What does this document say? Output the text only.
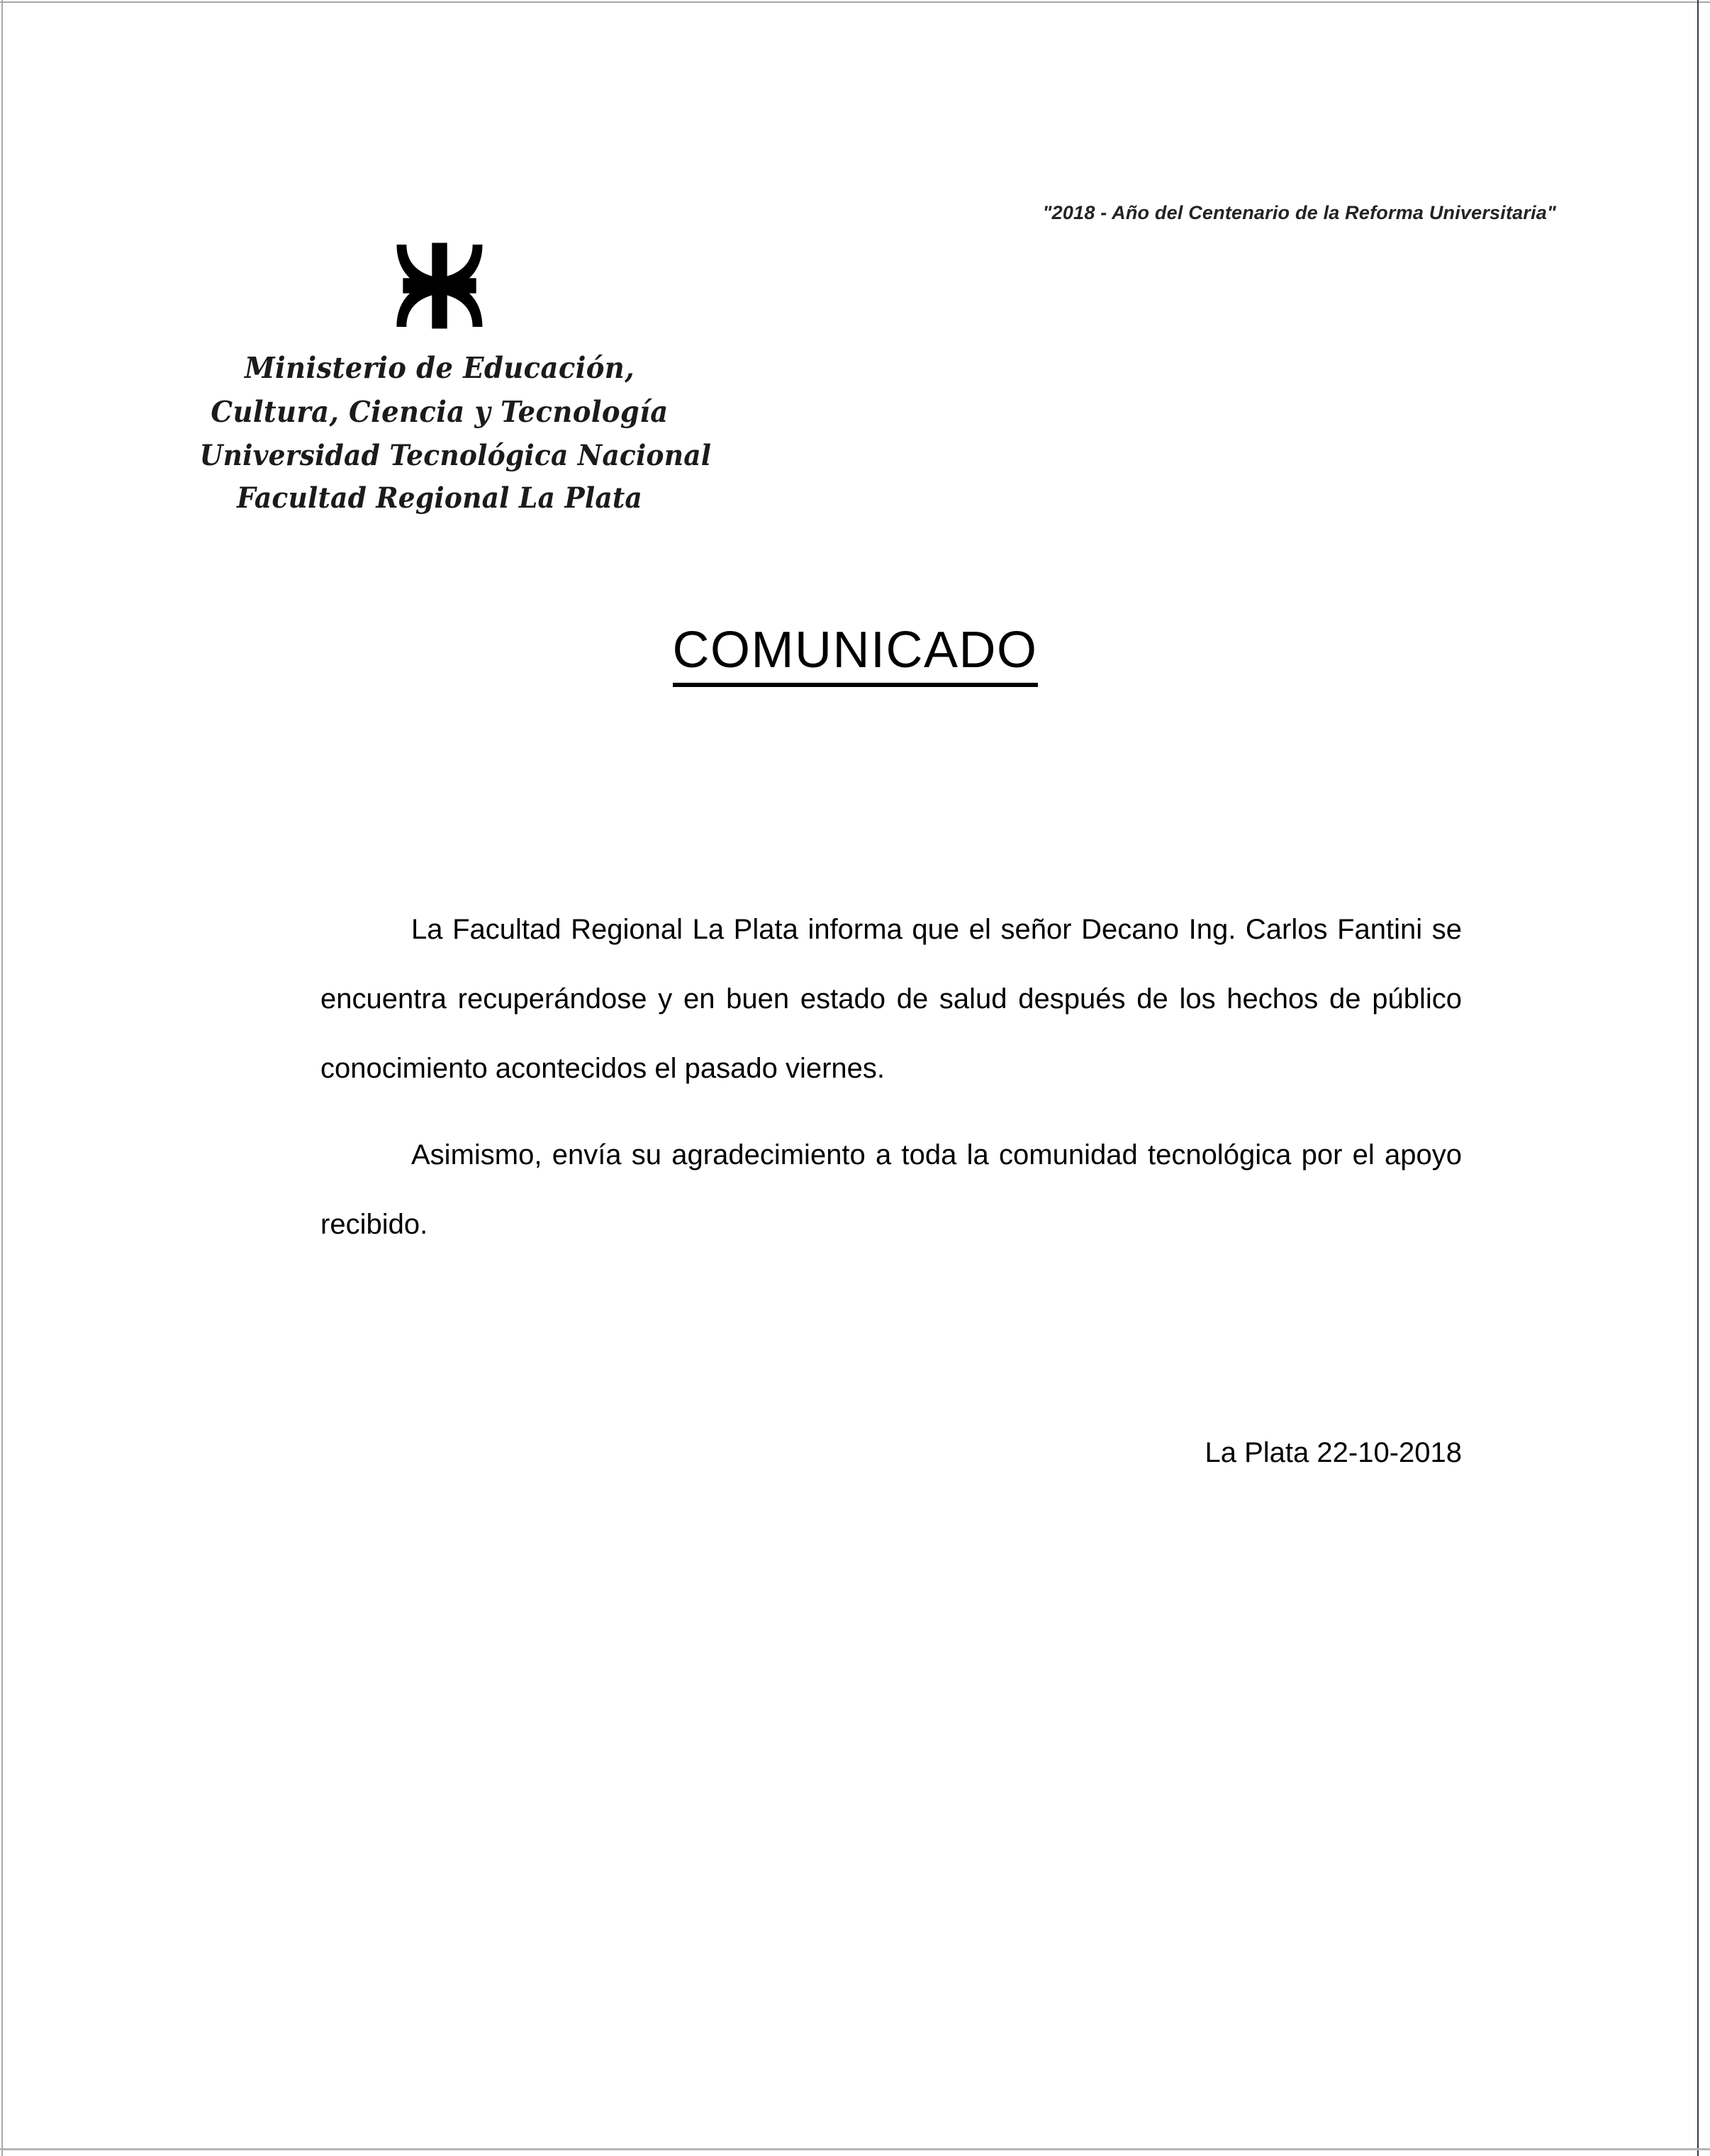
"2018 - Año del Centenario de la Reforma Universitaria"
Ministerio de Educación,
Cultura, Ciencia y Tecnología
Universidad Tecnológica Nacional
Facultad Regional La Plata
COMUNICADO

La Facultad Regional La Plata informa que el señor Decano Ing. Carlos Fantini se encuentra recuperándose y en buen estado de salud después de los hechos de público conocimiento acontecidos el pasado viernes.

Asimismo, envía su agradecimiento a toda la comunidad tecnológica por el apoyo recibido.

La Plata 22-10-2018
